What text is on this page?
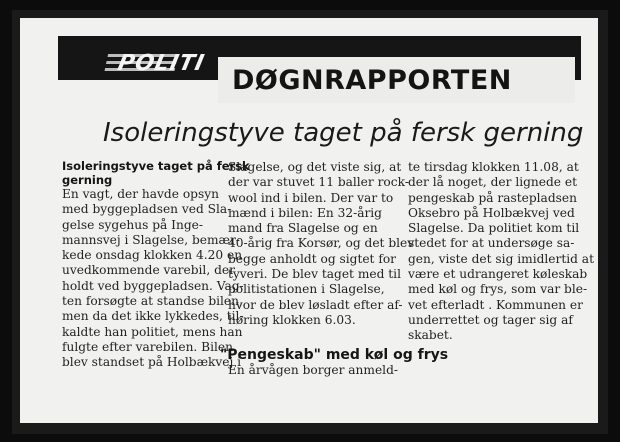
POLITI
DØGNRAPPORTEN
Isoleringstyve taget på fersk gerning
Isoleringstyve taget på fersk
gerning
En vagt, der havde opsyn
med byggepladsen ved Sla-
gelse sygehus på Inge-
mannsvej i Slagelse, bemær-
kede onsdag klokken 4.20 en
uvedkommende varebil, der
holdt ved byggepladsen. Vag-
ten forsøgte at standse bilen,
men da det ikke lykkedes, til-
kaldte han politiet, mens han
fulgte efter varebilen. Bilen
blev standset på Holbækvej i
Slagelse, og det viste sig, at
der var stuvet 11 baller rock-
wool ind i bilen. Der var to
mænd i bilen: En 32-årig
mand fra Slagelse og en
40-årig fra Korsør, og det blev
begge anholdt og sigtet for
tyveri. De blev taget med til
politistationen i Slagelse,
hvor de blev løsladt efter af-
høring klokken 6.03.
"Pengeskab" med køl og frys
En årvågen borger anmeld-
te tirsdag klokken 11.08, at
der lå noget, der lignede et
pengeskab på rastepladsen
Oksebro på Holbækvej ved
Slagelse. Da politiet kom til
stedet for at undersøge sa-
gen, viste det sig imidlertid at
være et udrangeret køleskab
med køl og frys, som var ble-
vet efterladt . Kommunen er
underrettet og tager sig af
skabet.
